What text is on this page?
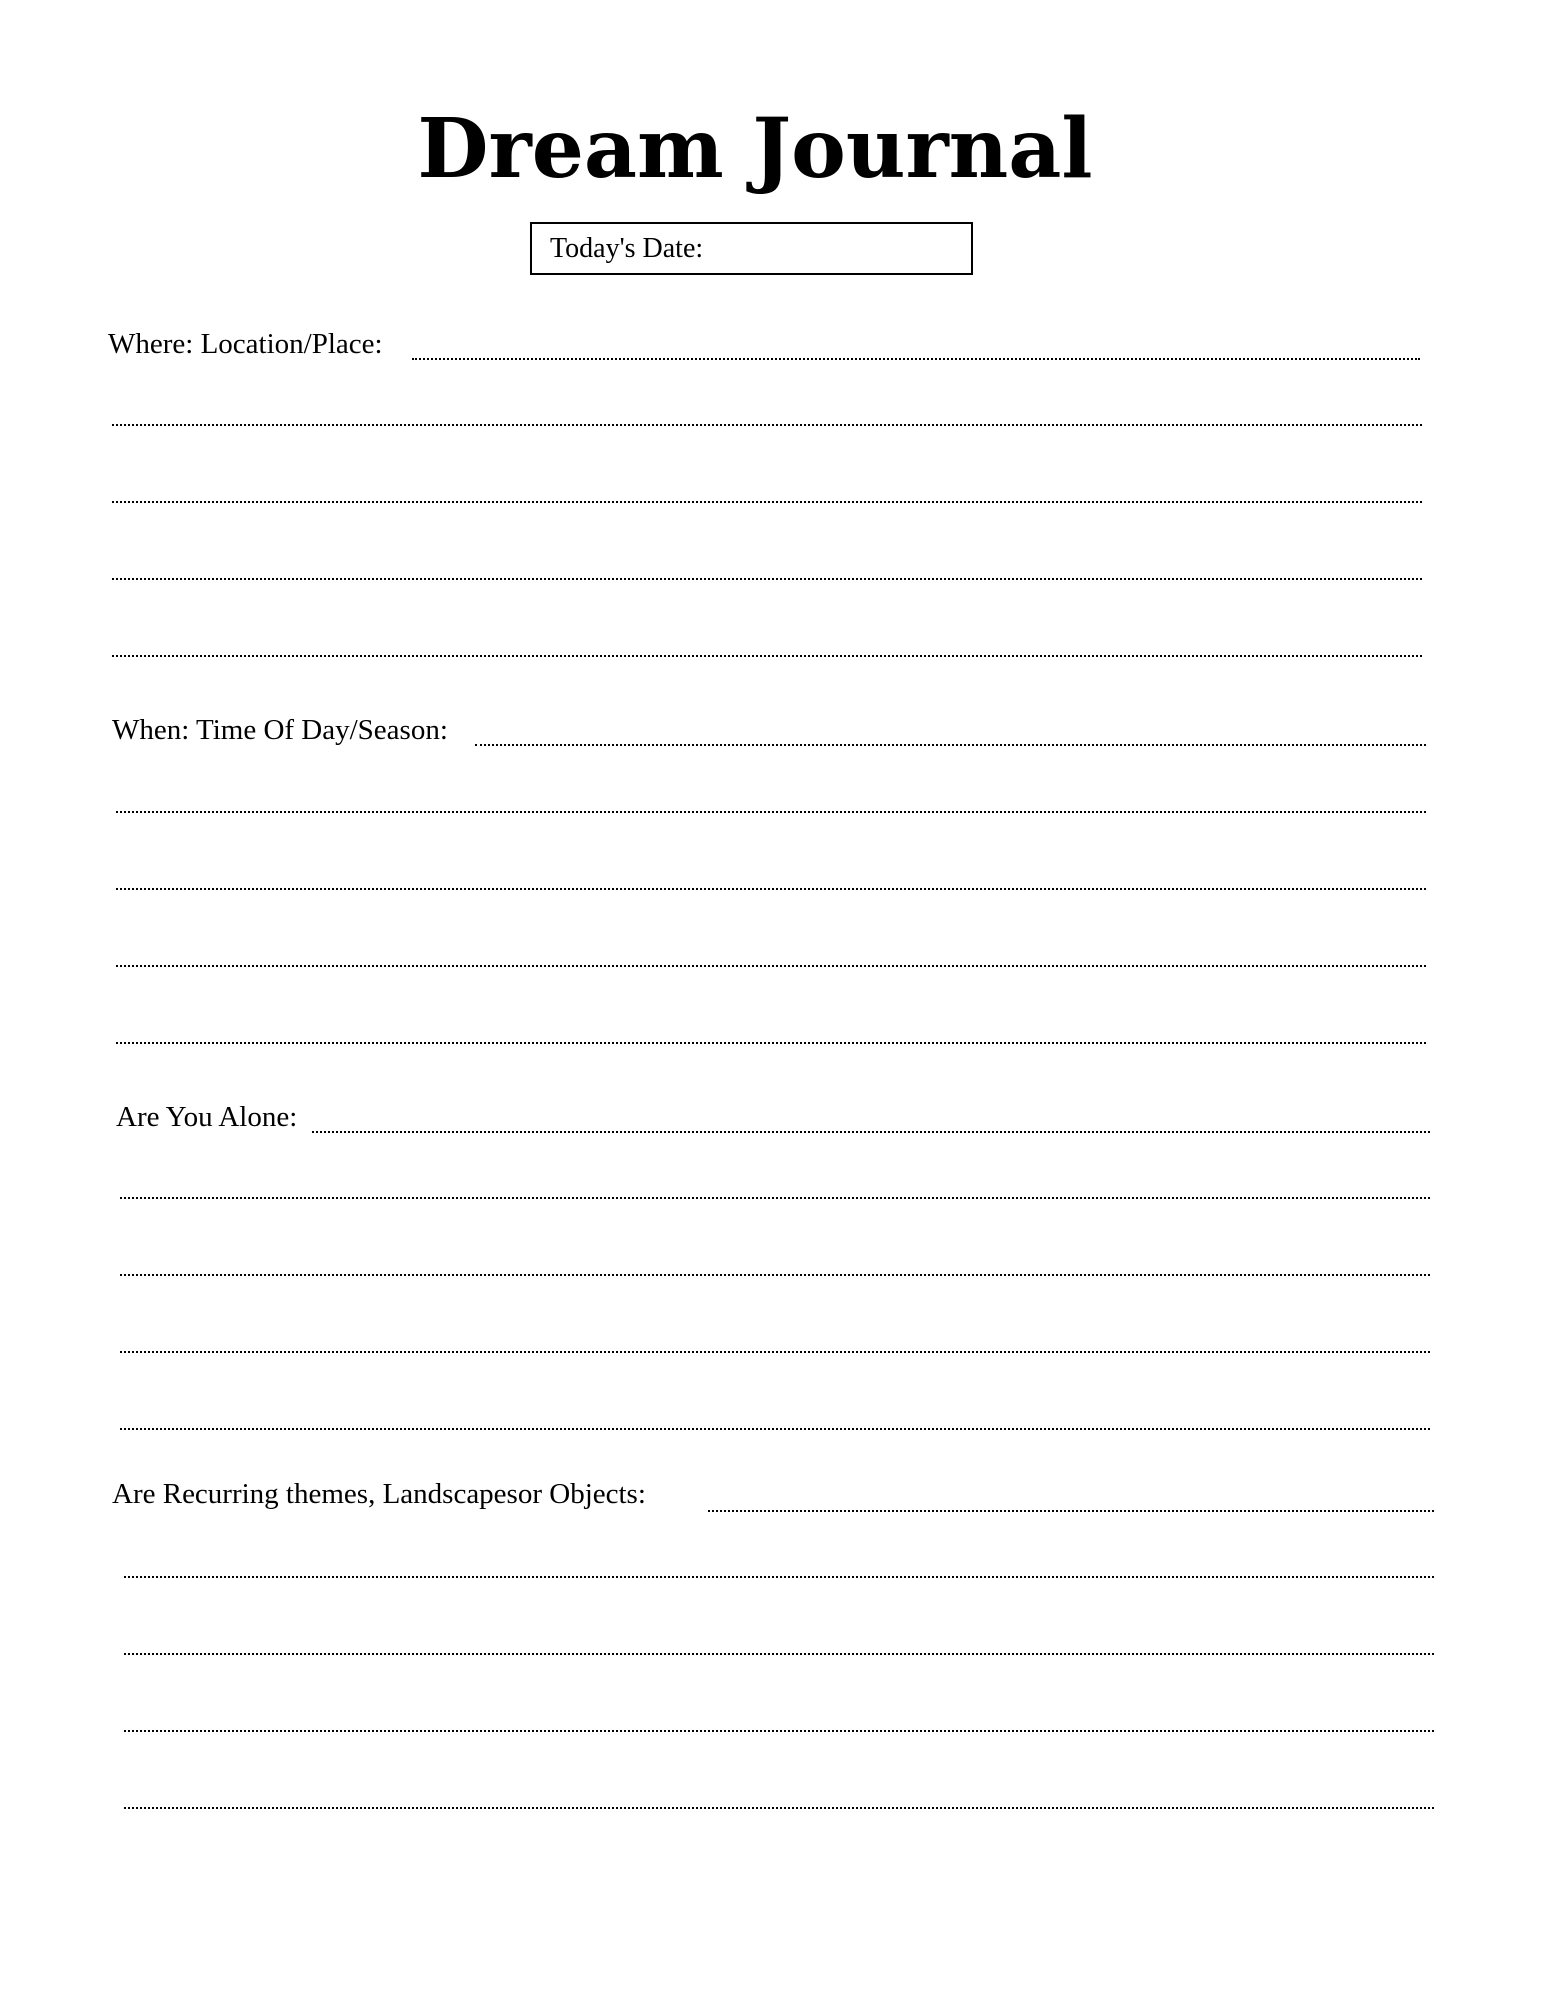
Dream Journal
Today's Date:
Where: Location/Place:
When: Time Of Day/Season:
Are You Alone:
Are Recurring themes, Landscapesor Objects:
